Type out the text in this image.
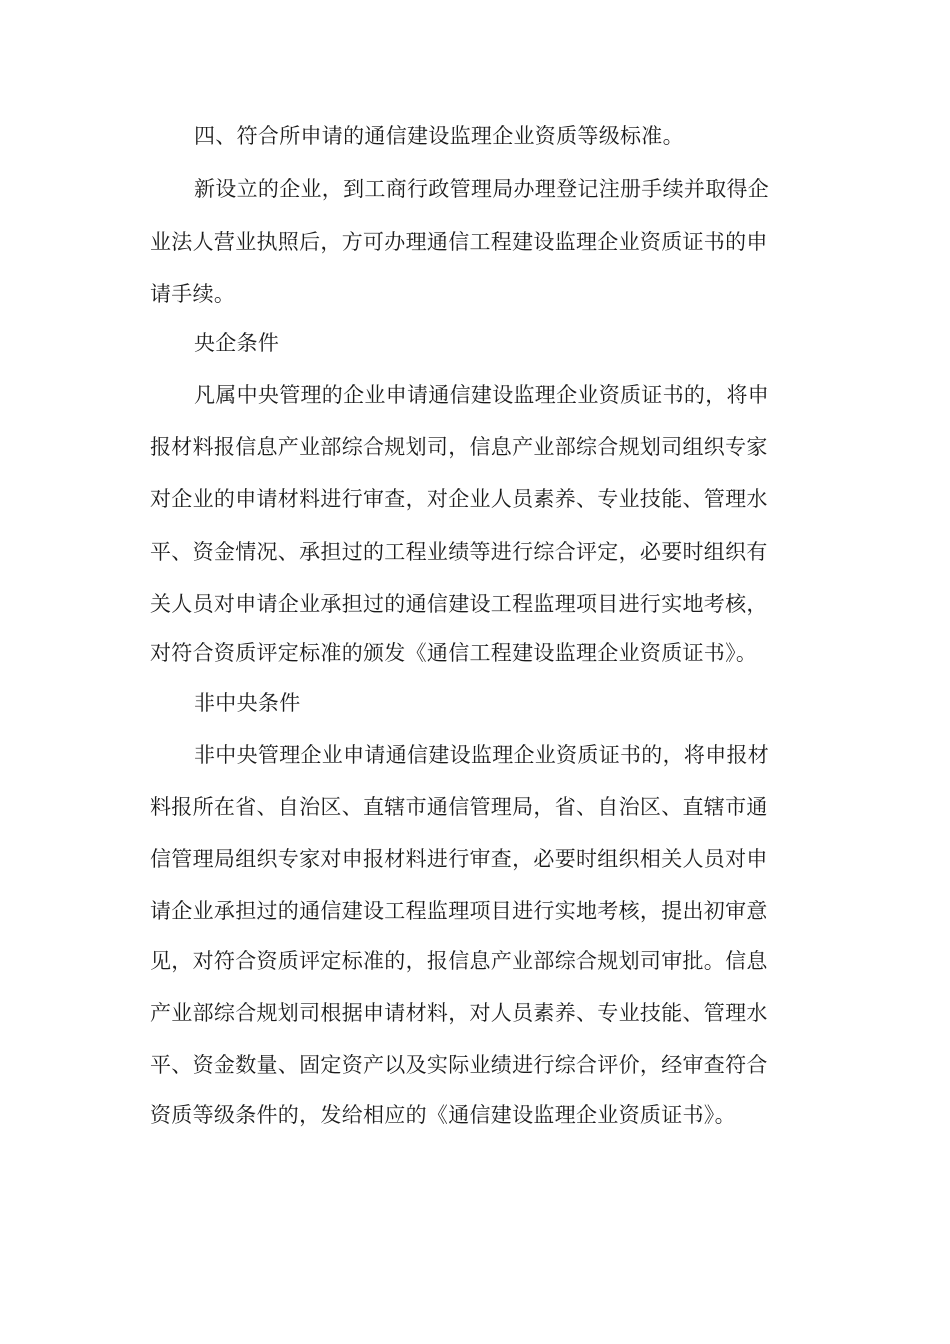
四、符合所申请的通信建设监理企业资质等级标准。

新设立的企业，到工商行政管理局办理登记注册手续并取得企

业法人营业执照后，方可办理通信工程建设监理企业资质证书的申

请手续。

央企条件

凡属中央管理的企业申请通信建设监理企业资质证书的，将申

报材料报信息产业部综合规划司，信息产业部综合规划司组织专家

对企业的申请材料进行审查，对企业人员素养、专业技能、管理水

平、资金情况、承担过的工程业绩等进行综合评定，必要时组织有

关人员对申请企业承担过的通信建设工程监理项目进行实地考核，

对符合资质评定标准的颁发《通信工程建设监理企业资质证书》。

非中央条件

非中央管理企业申请通信建设监理企业资质证书的，将申报材

料报所在省、自治区、直辖市通信管理局，省、自治区、直辖市通

信管理局组织专家对申报材料进行审查，必要时组织相关人员对申

请企业承担过的通信建设工程监理项目进行实地考核，提出初审意

见，对符合资质评定标准的，报信息产业部综合规划司审批。信息

产业部综合规划司根据申请材料，对人员素养、专业技能、管理水

平、资金数量、固定资产以及实际业绩进行综合评价，经审查符合

资质等级条件的，发给相应的《通信建设监理企业资质证书》。
